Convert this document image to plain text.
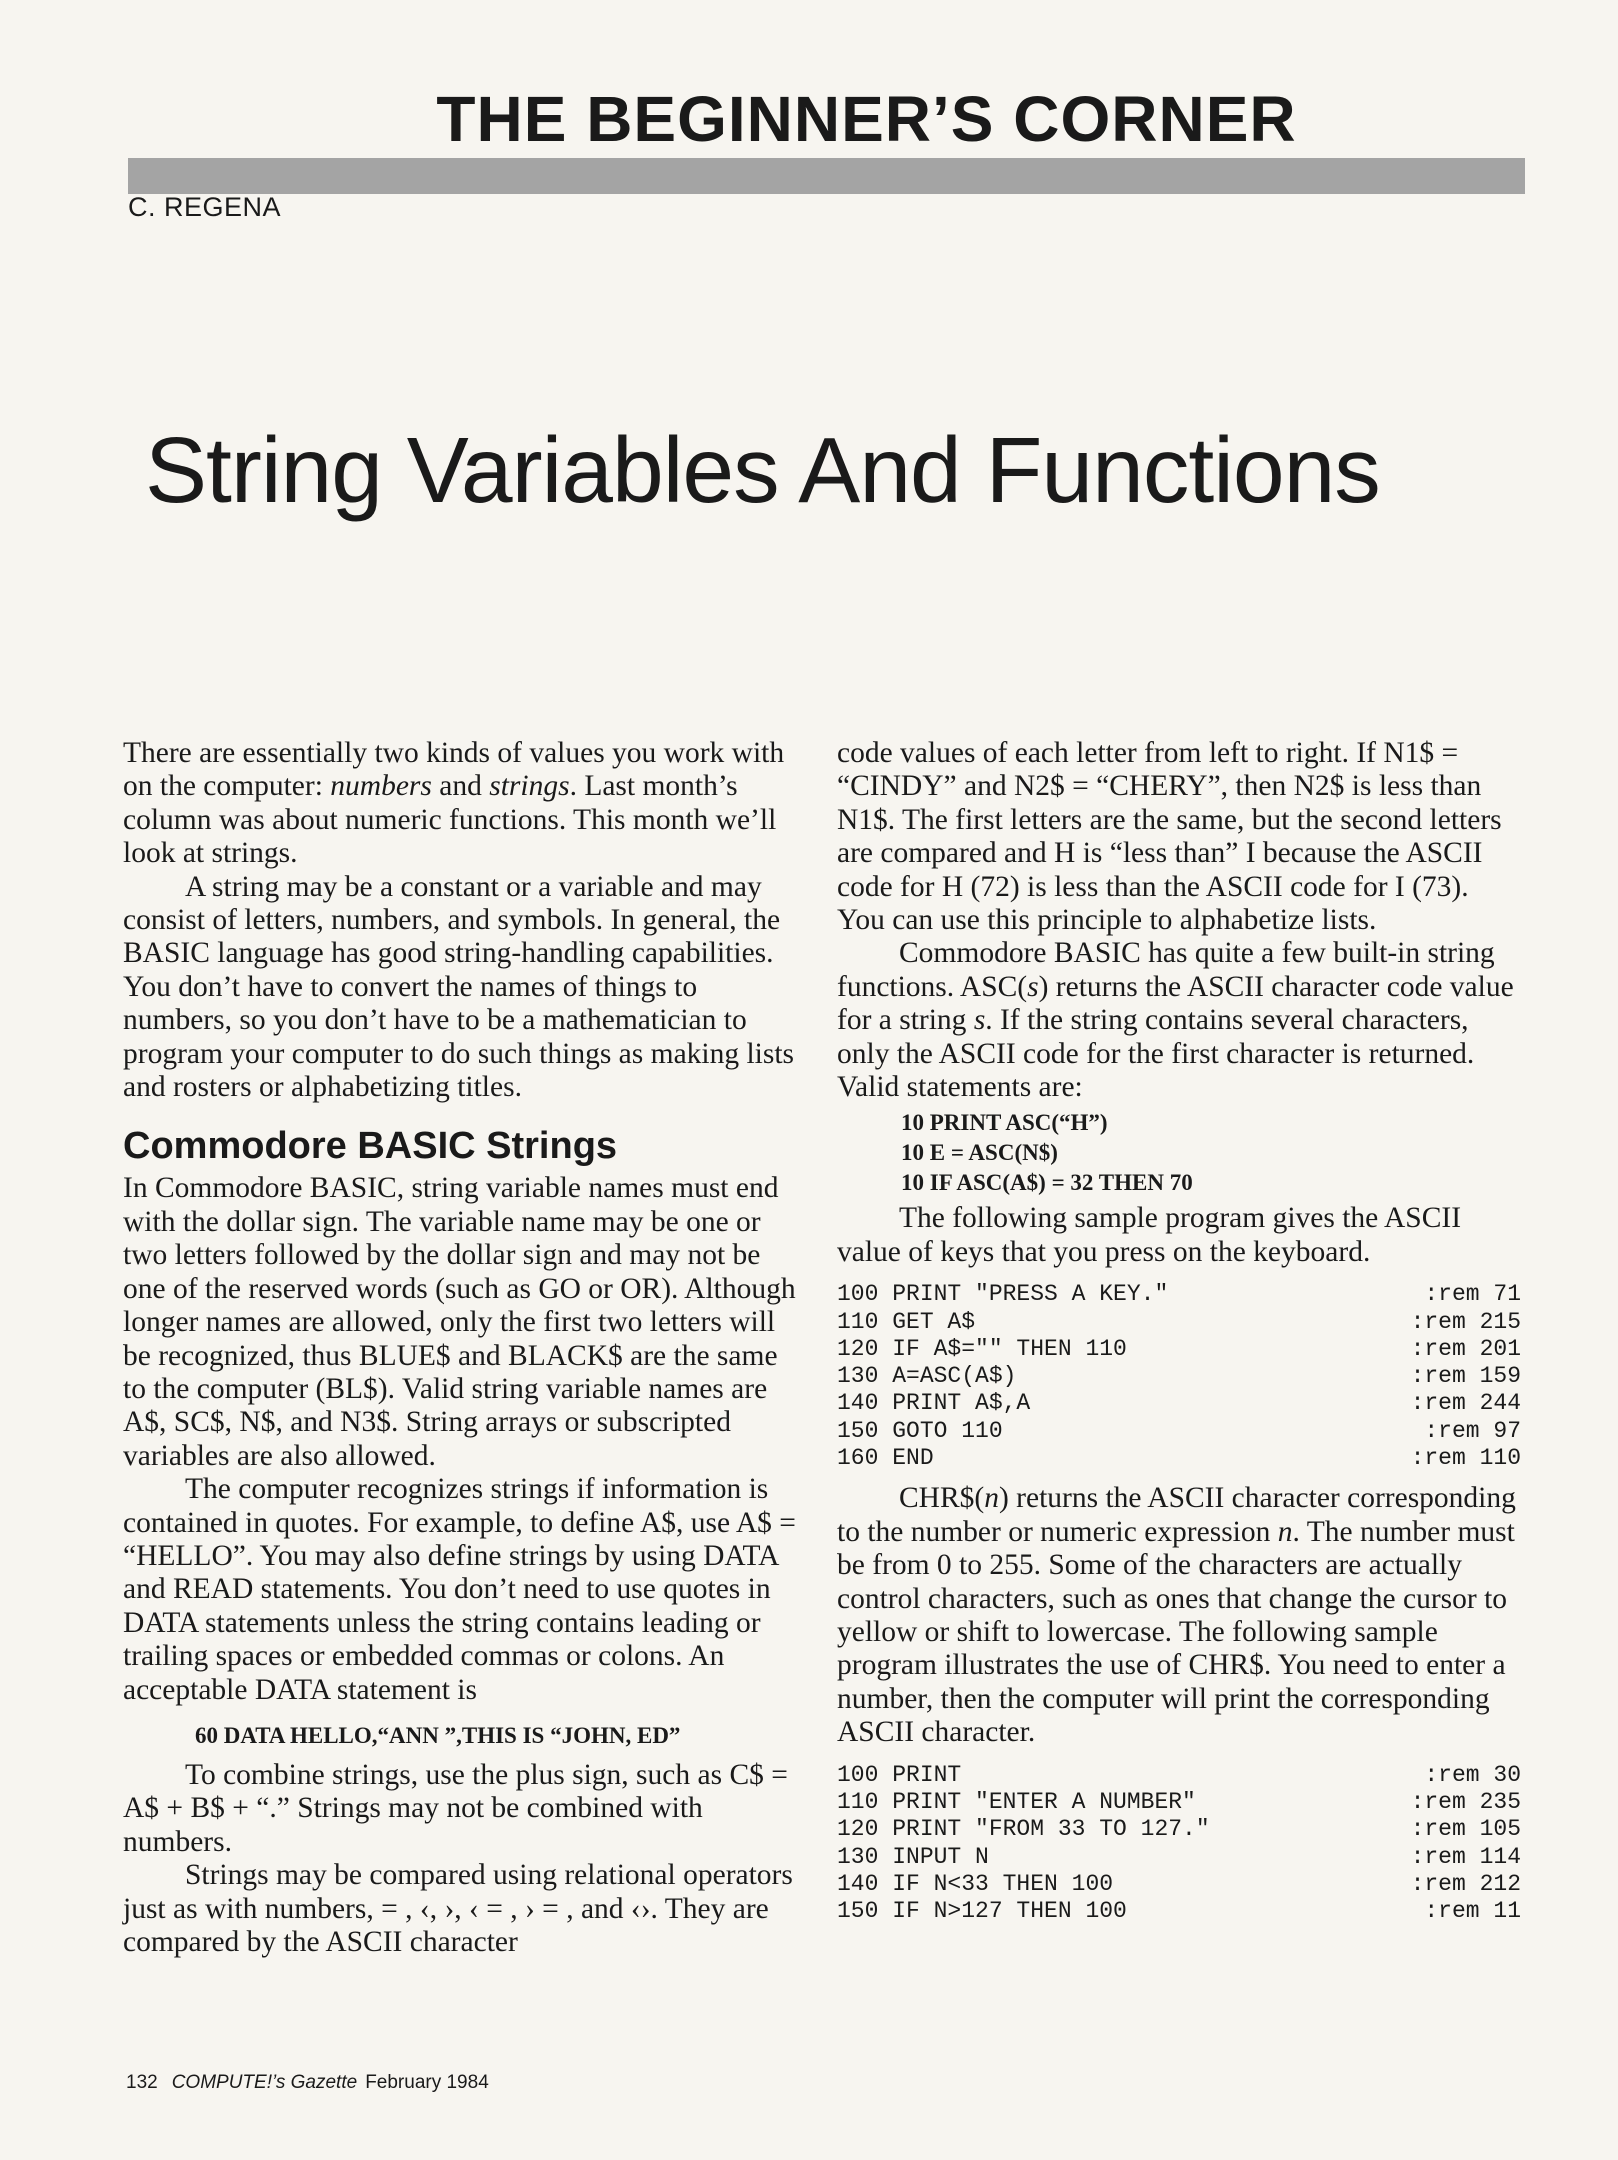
THE BEGINNER’S CORNER
C. REGENA
String Variables And Functions

There are essentially two kinds of values you work with on the computer: numbers and strings. Last month’s column was about numeric functions. This month we’ll look at strings.

A string may be a constant or a variable and may consist of letters, numbers, and symbols. In general, the BASIC language has good string-handling capabilities. You don’t have to convert the names of things to numbers, so you don’t have to be a mathematician to program your computer to do such things as making lists and rosters or alphabetizing titles.

Commodore BASIC Strings

In Commodore BASIC, string variable names must end with the dollar sign. The variable name may be one or two letters followed by the dollar sign and may not be one of the reserved words (such as GO or OR). Although longer names are allowed, only the first two letters will be recognized, thus BLUE$ and BLACK$ are the same to the computer (BL$). Valid string variable names are A$, SC$, N$, and N3$. String arrays or subscripted variables are also allowed.

The computer recognizes strings if information is contained in quotes. For example, to define A$, use A$ = “HELLO”. You may also define strings by using DATA and READ statements. You don’t need to use quotes in DATA statements unless the string contains leading or trailing spaces or embedded commas or colons. An acceptable DATA statement is

60 DATA HELLO,“ANN ”,THIS IS “JOHN, ED”

To combine strings, use the plus sign, such as C$ = A$ + B$ + “.” Strings may not be combined with numbers.

Strings may be compared using relational operators just as with numbers, = , ‹, ›, ‹ = , › = , and ‹›. They are compared by the ASCII character

code values of each letter from left to right. If N1$ = “CINDY” and N2$ = “CHERY”, then N2$ is less than N1$. The first letters are the same, but the second letters are compared and H is “less than” I because the ASCII code for H (72) is less than the ASCII code for I (73). You can use this principle to alphabetize lists.

Commodore BASIC has quite a few built-in string functions. ASC(s) returns the ASCII character code value for a string s. If the string contains several characters, only the ASCII code for the first character is returned. Valid statements are:

10 PRINT ASC(“H”)
10 E = ASC(N$)
10 IF ASC(A$) = 32 THEN 70

The following sample program gives the ASCII value of keys that you press on the keyboard.

100 PRINT "PRESS A KEY."	:rem 71
110 GET A$	:rem 215
120 IF A$="" THEN 110	:rem 201
130 A=ASC(A$)	:rem 159
140 PRINT A$,A	:rem 244
150 GOTO 110	:rem 97
160 END	:rem 110

CHR$(n) returns the ASCII character corresponding to the number or numeric expression n. The number must be from 0 to 255. Some of the characters are actually control characters, such as ones that change the cursor to yellow or shift to lowercase. The following sample program illustrates the use of CHR$. You need to enter a number, then the computer will print the corresponding ASCII character.

100 PRINT	:rem 30
110 PRINT "ENTER A NUMBER"	:rem 235
120 PRINT "FROM 33 TO 127."	:rem 105
130 INPUT N	:rem 114
140 IF N<33 THEN 100	:rem 212
150 IF N>127 THEN 100	:rem 11
132 COMPUTE!’s Gazette February 1984
